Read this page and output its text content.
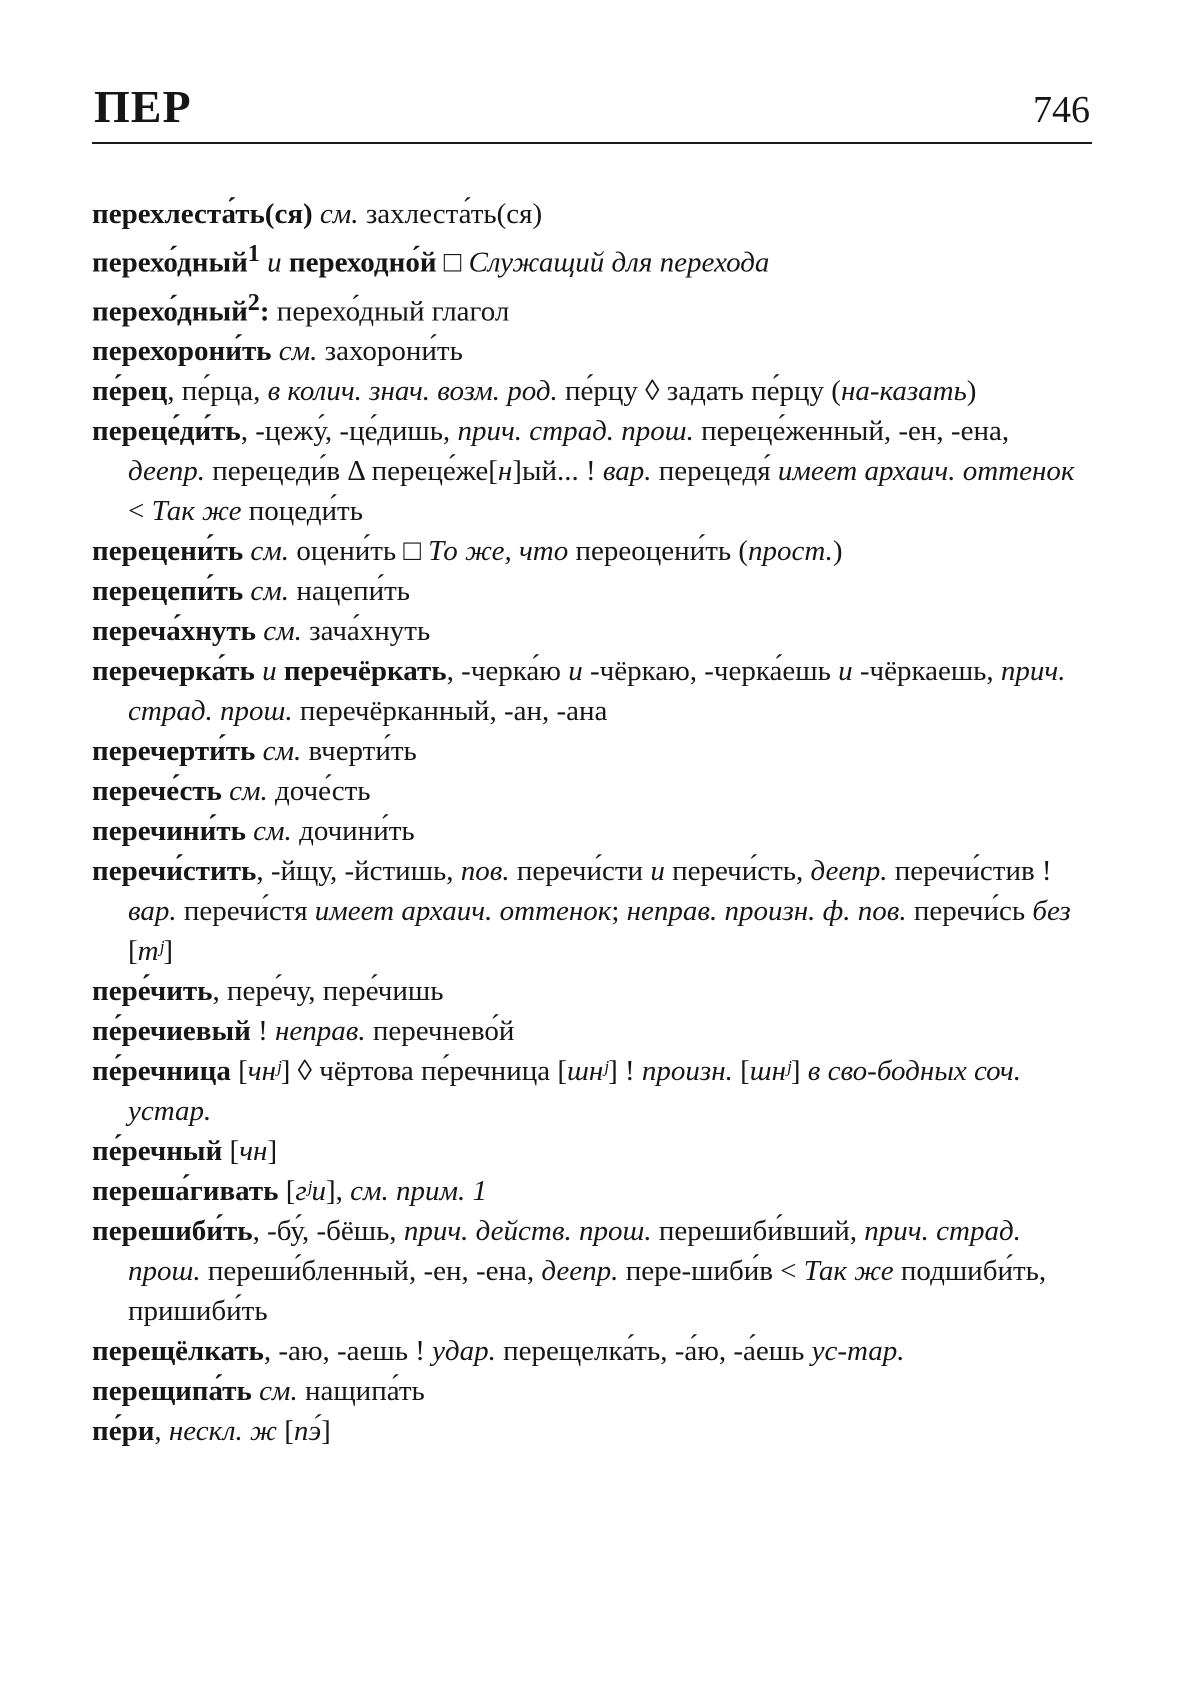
ПЕР	746

перехлеста́ть(ся) см. захлеста́ть(ся)

перехо́дный$^1$ и переходно́й □ Служащий для перехода

перехо́дный$^2$: перехо́дный глагол

перехорони́ть см. захорони́ть

пе́рец, пе́рца, в колич. знач. возм. род. пе́рцу ◊ задать пе́рцу (на-казать)

переце́ди́ть, -цежу́, -це́дишь, прич. страд. прош. переце́женный, -ен, -ена, деепр. перецеди́в Δ переце́же[н]ый... ! вар. перецедя́ имеет архаич. оттенок < Так же поцеди́ть

перецени́ть см. оцени́ть □ То же, что переоцени́ть (прост.)

перецепи́ть см. нацепи́ть

переча́хнуть см. зача́хнуть

перечерка́ть и перечёркать, -черка́ю и -чёркаю, -черка́ешь и -чёркаешь, прич. страд. прош. перечёрканный, -ан, -ана

перечерти́ть см. вчерти́ть

перече́сть см. доче́сть

перечини́ть см. дочини́ть

перечи́стить, -йщу, -йстишь, пов. перечи́сти и перечи́сть, деепр. перечи́стив ! вар. перечи́стя имеет архаич. оттенок; неправ. произн. ф. пов. перечи́сь без [тʲ]

пере́чить, пере́чу, пере́чишь

пе́речиевый ! неправ. перечнево́й

пе́речница [чнʲ] ◊ чёртова пе́речница [шнʲ] ! произн. [шнʲ] в сво-бодных соч. устар.

пе́речный [чн]

переша́гивать [гʲи], см. прим. 1

перешиби́ть, -бу́, -бёшь, прич. действ. прош. перешиби́вший, прич. страд. прош. переши́бленный, -ен, -ена, деепр. пере-шиби́в < Так же подшиби́ть, пришиби́ть

перещёлкать, -аю, -аешь ! удар. перещелка́ть, -а́ю, -а́ешь ус-тар.

перещипа́ть см. нащипа́ть

пе́ри, нескл. ж [пэ́]
